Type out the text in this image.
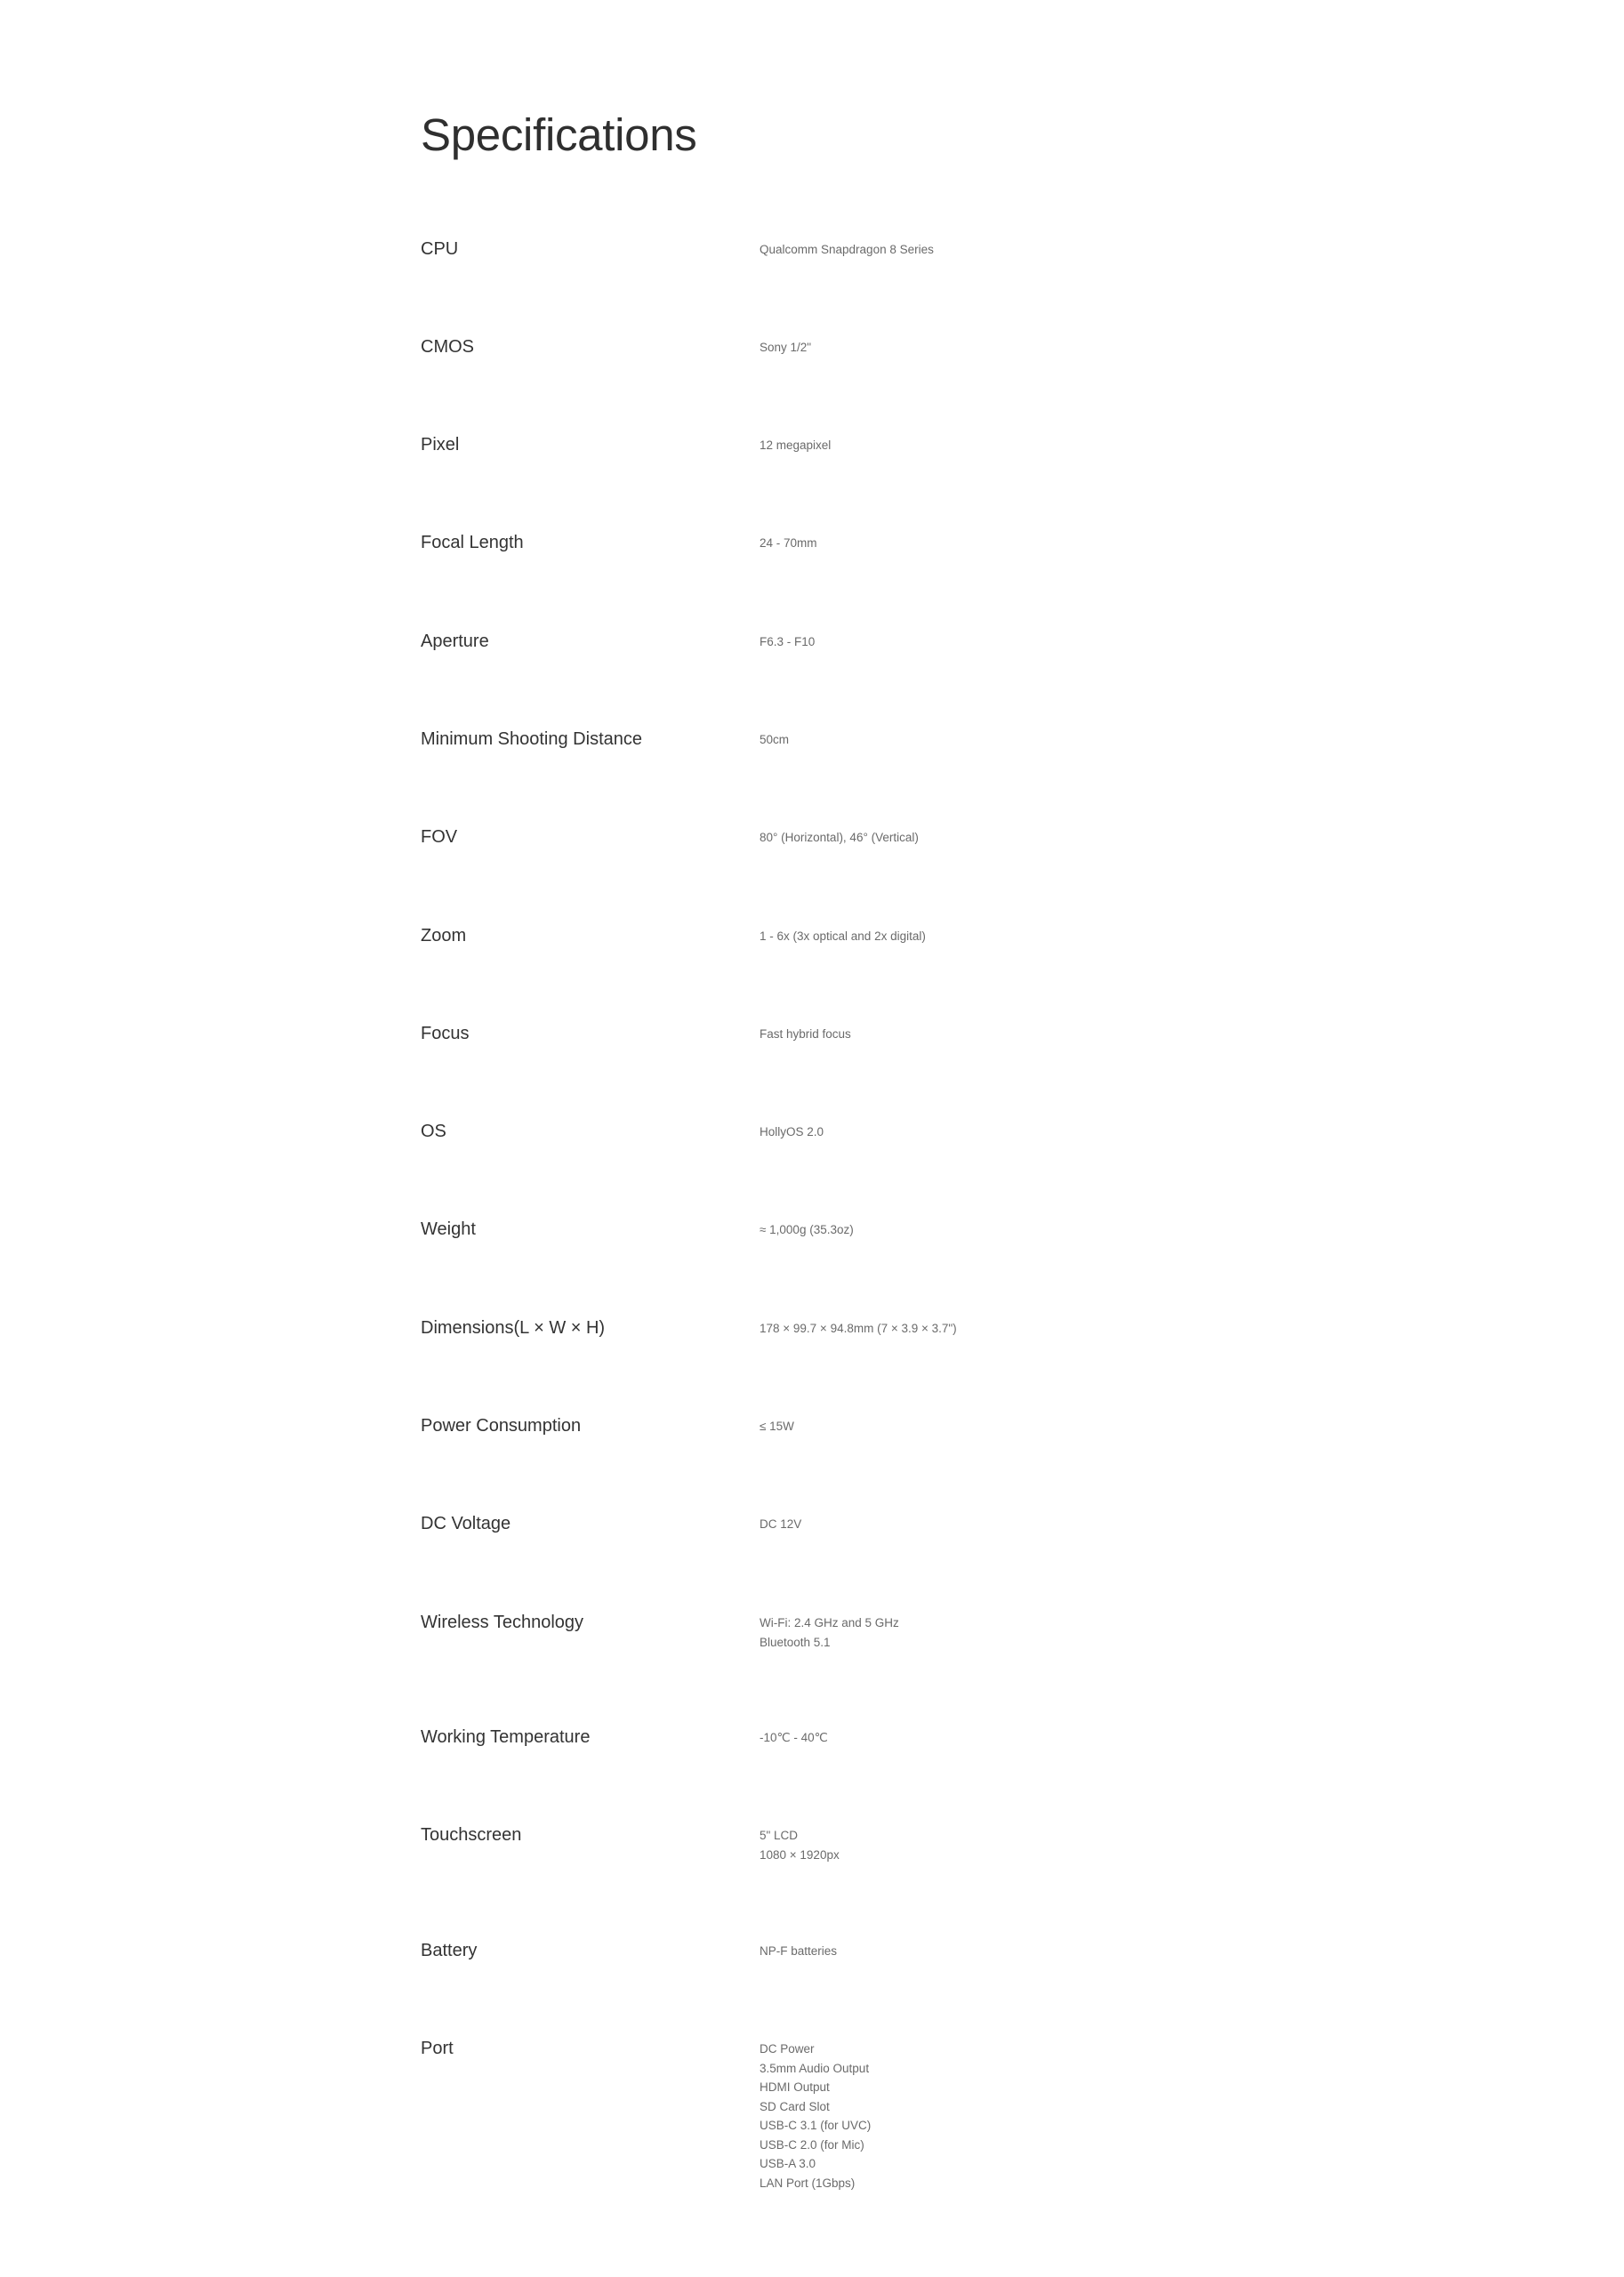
Specifications
CPU	Qualcomm Snapdragon 8 Series
CMOS	Sony 1/2"
Pixel	12 megapixel
Focal Length	24 - 70mm
Aperture	F6.3 - F10
Minimum Shooting Distance	50cm
FOV	80° (Horizontal), 46° (Vertical)
Zoom	1 - 6x (3x optical and 2x digital)
Focus	Fast hybrid focus
OS	HollyOS 2.0
Weight	≈ 1,000g (35.3oz)
Dimensions(L × W × H)	178 × 99.7 × 94.8mm (7 × 3.9 × 3.7")
Power Consumption	≤ 15W
DC Voltage	DC 12V
Wireless Technology	Wi-Fi: 2.4 GHz and 5 GHz
Bluetooth 5.1
Working Temperature	-10℃ - 40℃
Touchscreen	5" LCD
1080 × 1920px
Battery	NP-F batteries
Port	DC Power
3.5mm Audio Output
HDMI Output
SD Card Slot
USB-C 3.1 (for UVC)
USB-C 2.0 (for Mic)
USB-A 3.0
LAN Port (1Gbps)
